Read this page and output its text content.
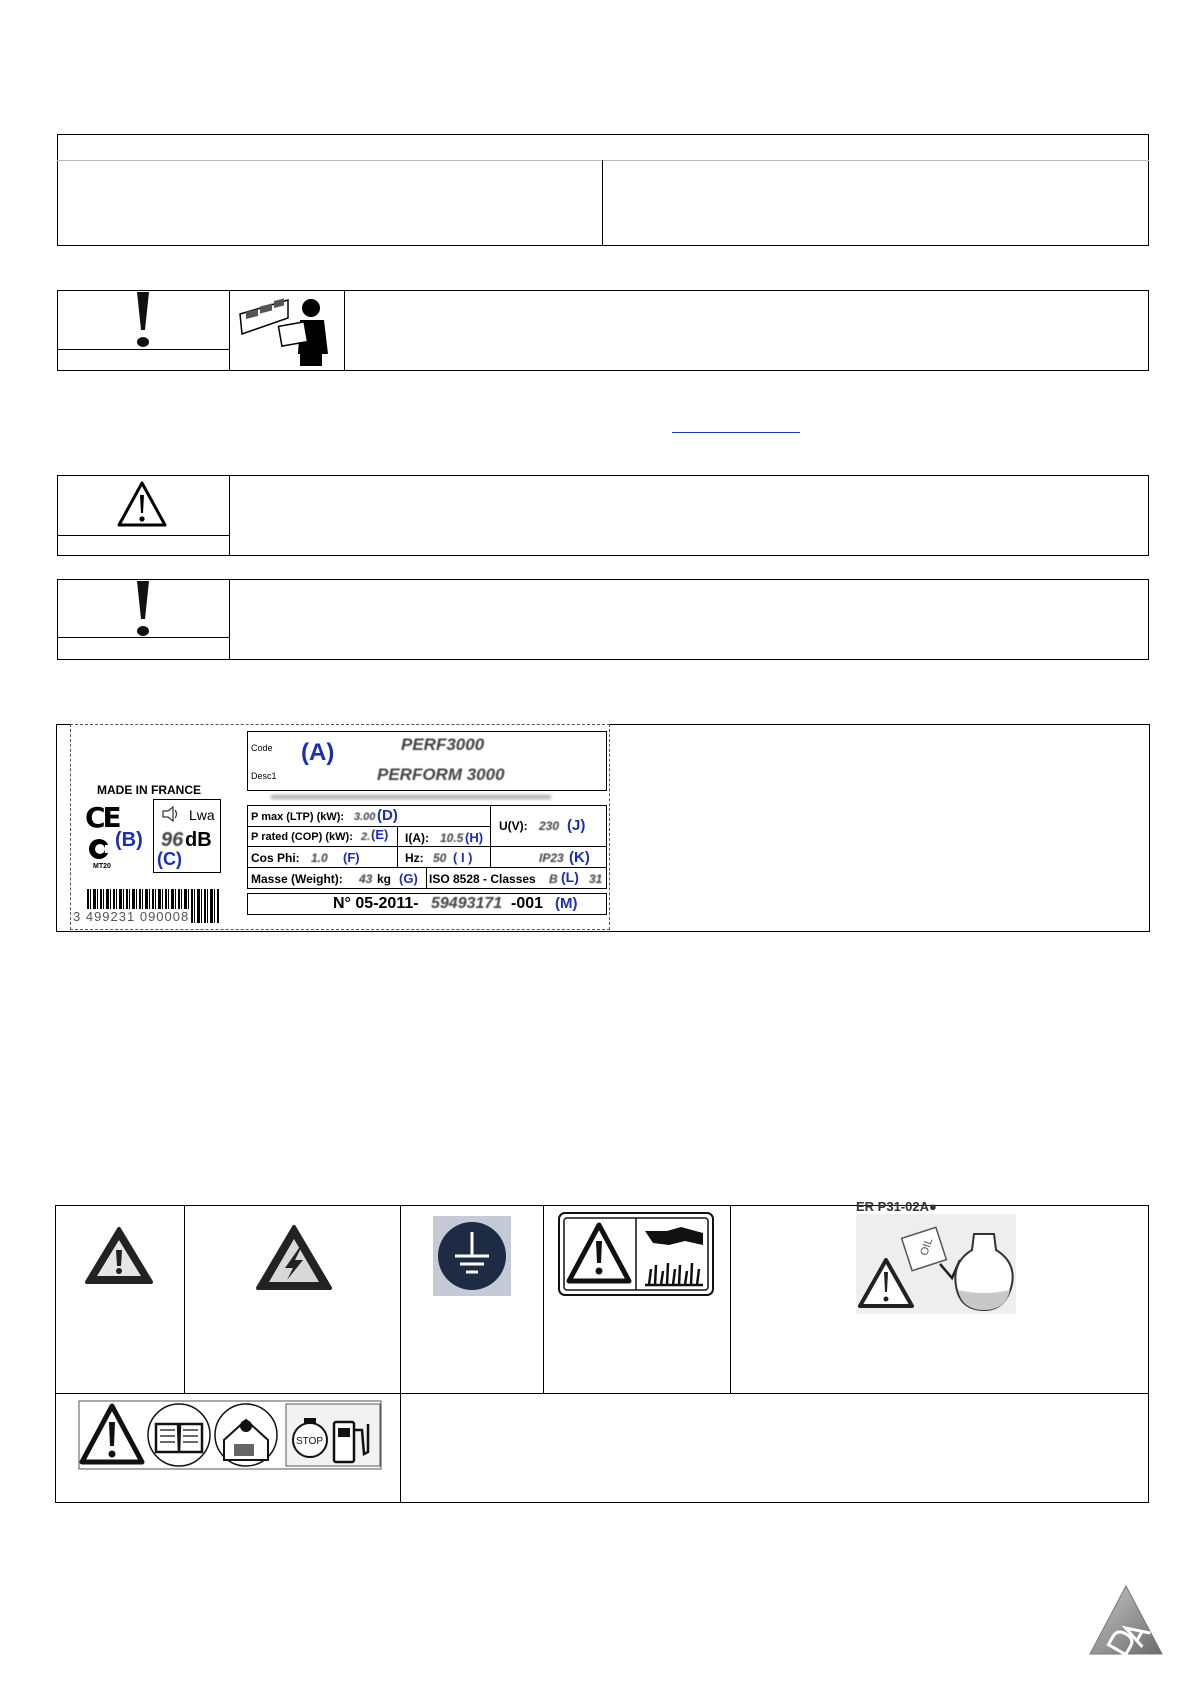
MADE IN FRANCE
CE
(B)
MT20
Lwa
96 dB
(C)
3 499231 090008
Code
Desc1
(A)	PERF3000
PERFORM 3000
P max (LTP) (kW): 3.00 (D)
P rated (COP) (kW): 2. (E) I(A): 10.5 (H)
U(V): 230 (J)
Cos Phi: 1.0 (F)	Hz: 50 ( I )	IP23 (K)
Masse (Weight): 43 kg (G) ISO 8528 - Classes B (L) 31
N° 05-2011- 59493171 -001 (M)
ER P31-02A●
OIL
STOP
